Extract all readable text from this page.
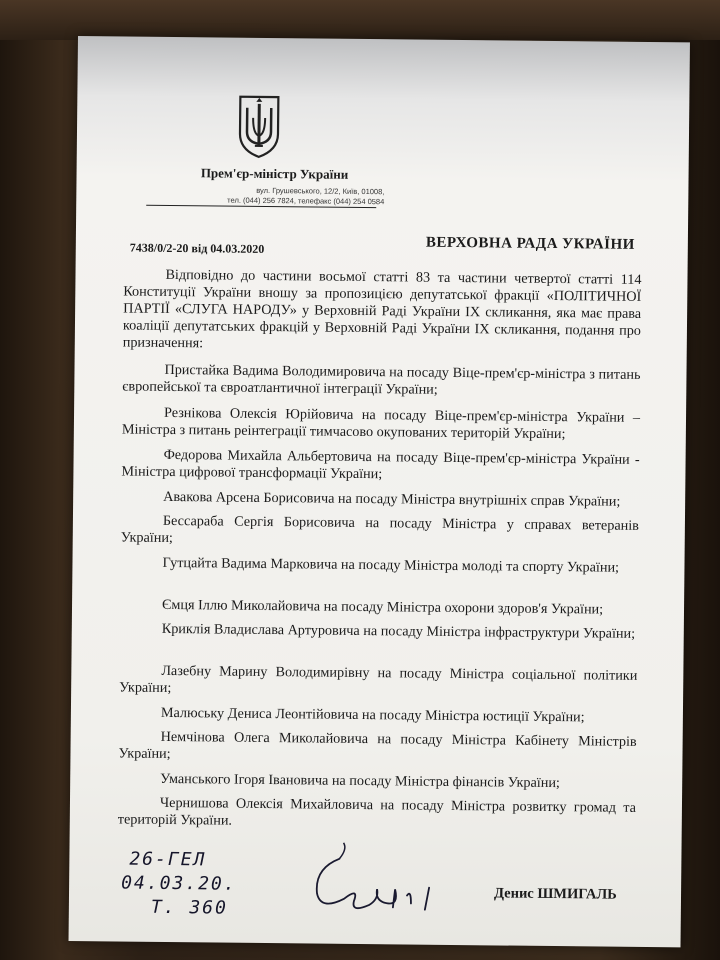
Прем'єр-міністр України
вул. Грушевського, 12/2, Київ, 01008,
тел. (044) 256 7824, телефакс (044) 254 0584
7438/0/2-20 від 04.03.2020	ВЕРХОВНА РАДА УКРАЇНИ
Відповідно до частини восьмої статті 83 та частини четвертої статті 114 Конституції України вношу за пропозицією депутатської фракції «ПОЛІТИЧНОЇ ПАРТІЇ «СЛУГА НАРОДУ» у Верховній Раді України IX скликання, яка має права коаліції депутатських фракцій у Верховній Раді України IX скликання, подання про призначення:
Пристайка Вадима Володимировича на посаду Віце-прем'єр-міністра з питань європейської та євроатлантичної інтеграції України;
Резнікова Олексія Юрійовича на посаду Віце-прем'єр-міністра України – Міністра з питань реінтеграції тимчасово окупованих територій України;
Федорова Михайла Альбертовича на посаду Віце-прем'єр-міністра України - Міністра цифрової трансформації України;
Авакова Арсена Борисовича на посаду Міністра внутрішніх справ України;
Бессараба Сергія Борисовича на посаду Міністра у справах ветеранів України;
Гутцайта Вадима Марковича на посаду Міністра молоді та спорту України;
Ємця Іллю Миколайовича на посаду Міністра охорони здоров'я України;
Криклія Владислава Артуровича на посаду Міністра інфраструктури України;
Лазебну Марину Володимирівну на посаду Міністра соціальної політики України;
Малюську Дениса Леонтійовича на посаду Міністра юстиції України;
Немчінова Олега Миколайовича на посаду Міністра Кабінету Міністрів України;
Уманського Ігоря Івановича на посаду Міністра фінансів України;
Чернишова Олексія Михайловича на посаду Міністра розвитку громад та територій України.
26-ГЕЛ
04.03.20.
Т. 360
Денис ШМИГАЛЬ
